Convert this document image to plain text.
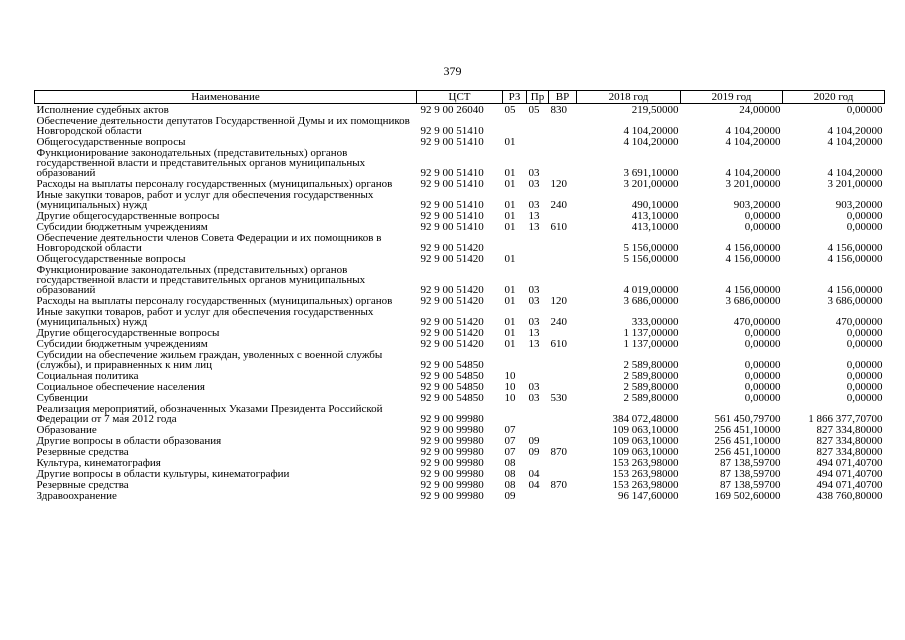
379
Наименование	ЦСТ	РЗ	Пр	ВР	2018 год	2019 год	2020 год
Исполнение судебных актов	92 9 00 26040	05	05	830	219,50000	24,00000	0,00000
Обеспечение деятельности депутатов Государственной Думы и их помощников Новгородской области	92 9 00 51410				4 104,20000	4 104,20000	4 104,20000
Общегосударственные вопросы	92 9 00 51410	01			4 104,20000	4 104,20000	4 104,20000
Функционирование законодательных (представительных) органов государственной власти и представительных органов муниципальных образований	92 9 00 51410	01	03		3 691,10000	4 104,20000	4 104,20000
Расходы на выплаты персоналу государственных (муниципальных) органов	92 9 00 51410	01	03	120	3 201,00000	3 201,00000	3 201,00000
Иные закупки товаров, работ и услуг для обеспечения государственных (муниципальных) нужд	92 9 00 51410	01	03	240	490,10000	903,20000	903,20000
Другие общегосударственные вопросы	92 9 00 51410	01	13		413,10000	0,00000	0,00000
Субсидии бюджетным учреждениям	92 9 00 51410	01	13	610	413,10000	0,00000	0,00000
Обеспечение деятельности членов Совета Федерации и их помощников в Новгородской области	92 9 00 51420				5 156,00000	4 156,00000	4 156,00000
Общегосударственные вопросы	92 9 00 51420	01			5 156,00000	4 156,00000	4 156,00000
Функционирование законодательных (представительных) органов государственной власти и представительных органов муниципальных образований	92 9 00 51420	01	03		4 019,00000	4 156,00000	4 156,00000
Расходы на выплаты персоналу государственных (муниципальных) органов	92 9 00 51420	01	03	120	3 686,00000	3 686,00000	3 686,00000
Иные закупки товаров, работ и услуг для обеспечения государственных (муниципальных) нужд	92 9 00 51420	01	03	240	333,00000	470,00000	470,00000
Другие общегосударственные вопросы	92 9 00 51420	01	13		1 137,00000	0,00000	0,00000
Субсидии бюджетным учреждениям	92 9 00 51420	01	13	610	1 137,00000	0,00000	0,00000
Субсидии на обеспечение жильем граждан, уволенных с военной службы (службы), и приравненных к ним лиц	92 9 00 54850				2 589,80000	0,00000	0,00000
Социальная политика	92 9 00 54850	10			2 589,80000	0,00000	0,00000
Социальное обеспечение населения	92 9 00 54850	10	03		2 589,80000	0,00000	0,00000
Субвенции	92 9 00 54850	10	03	530	2 589,80000	0,00000	0,00000
Реализация мероприятий, обозначенных Указами Президента Российской Федерации от 7 мая 2012 года	92 9 00 99980				384 072,48000	561 450,79700	1 866 377,70700
Образование	92 9 00 99980	07			109 063,10000	256 451,10000	827 334,80000
Другие вопросы в области образования	92 9 00 99980	07	09		109 063,10000	256 451,10000	827 334,80000
Резервные средства	92 9 00 99980	07	09	870	109 063,10000	256 451,10000	827 334,80000
Культура, кинематография	92 9 00 99980	08			153 263,98000	87 138,59700	494 071,40700
Другие вопросы в области культуры, кинематографии	92 9 00 99980	08	04		153 263,98000	87 138,59700	494 071,40700
Резервные средства	92 9 00 99980	08	04	870	153 263,98000	87 138,59700	494 071,40700
Здравоохранение	92 9 00 99980	09			96 147,60000	169 502,60000	438 760,80000
